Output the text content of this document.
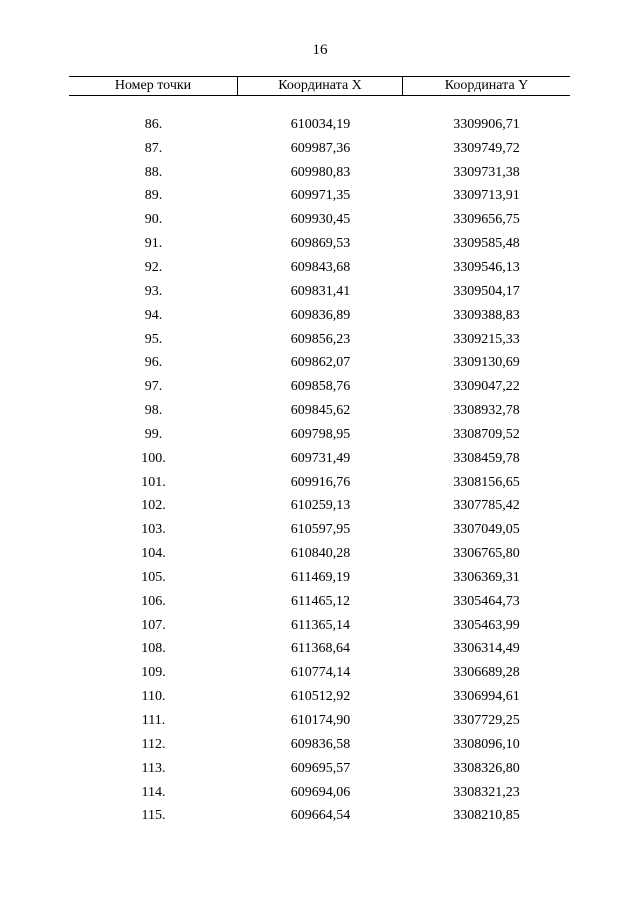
16
Номер точки	Координата X	Координата Y
86.	610034,19	3309906,71
87.	609987,36	3309749,72
88.	609980,83	3309731,38
89.	609971,35	3309713,91
90.	609930,45	3309656,75
91.	609869,53	3309585,48
92.	609843,68	3309546,13
93.	609831,41	3309504,17
94.	609836,89	3309388,83
95.	609856,23	3309215,33
96.	609862,07	3309130,69
97.	609858,76	3309047,22
98.	609845,62	3308932,78
99.	609798,95	3308709,52
100.	609731,49	3308459,78
101.	609916,76	3308156,65
102.	610259,13	3307785,42
103.	610597,95	3307049,05
104.	610840,28	3306765,80
105.	611469,19	3306369,31
106.	611465,12	3305464,73
107.	611365,14	3305463,99
108.	611368,64	3306314,49
109.	610774,14	3306689,28
110.	610512,92	3306994,61
111.	610174,90	3307729,25
112.	609836,58	3308096,10
113.	609695,57	3308326,80
114.	609694,06	3308321,23
115.	609664,54	3308210,85
